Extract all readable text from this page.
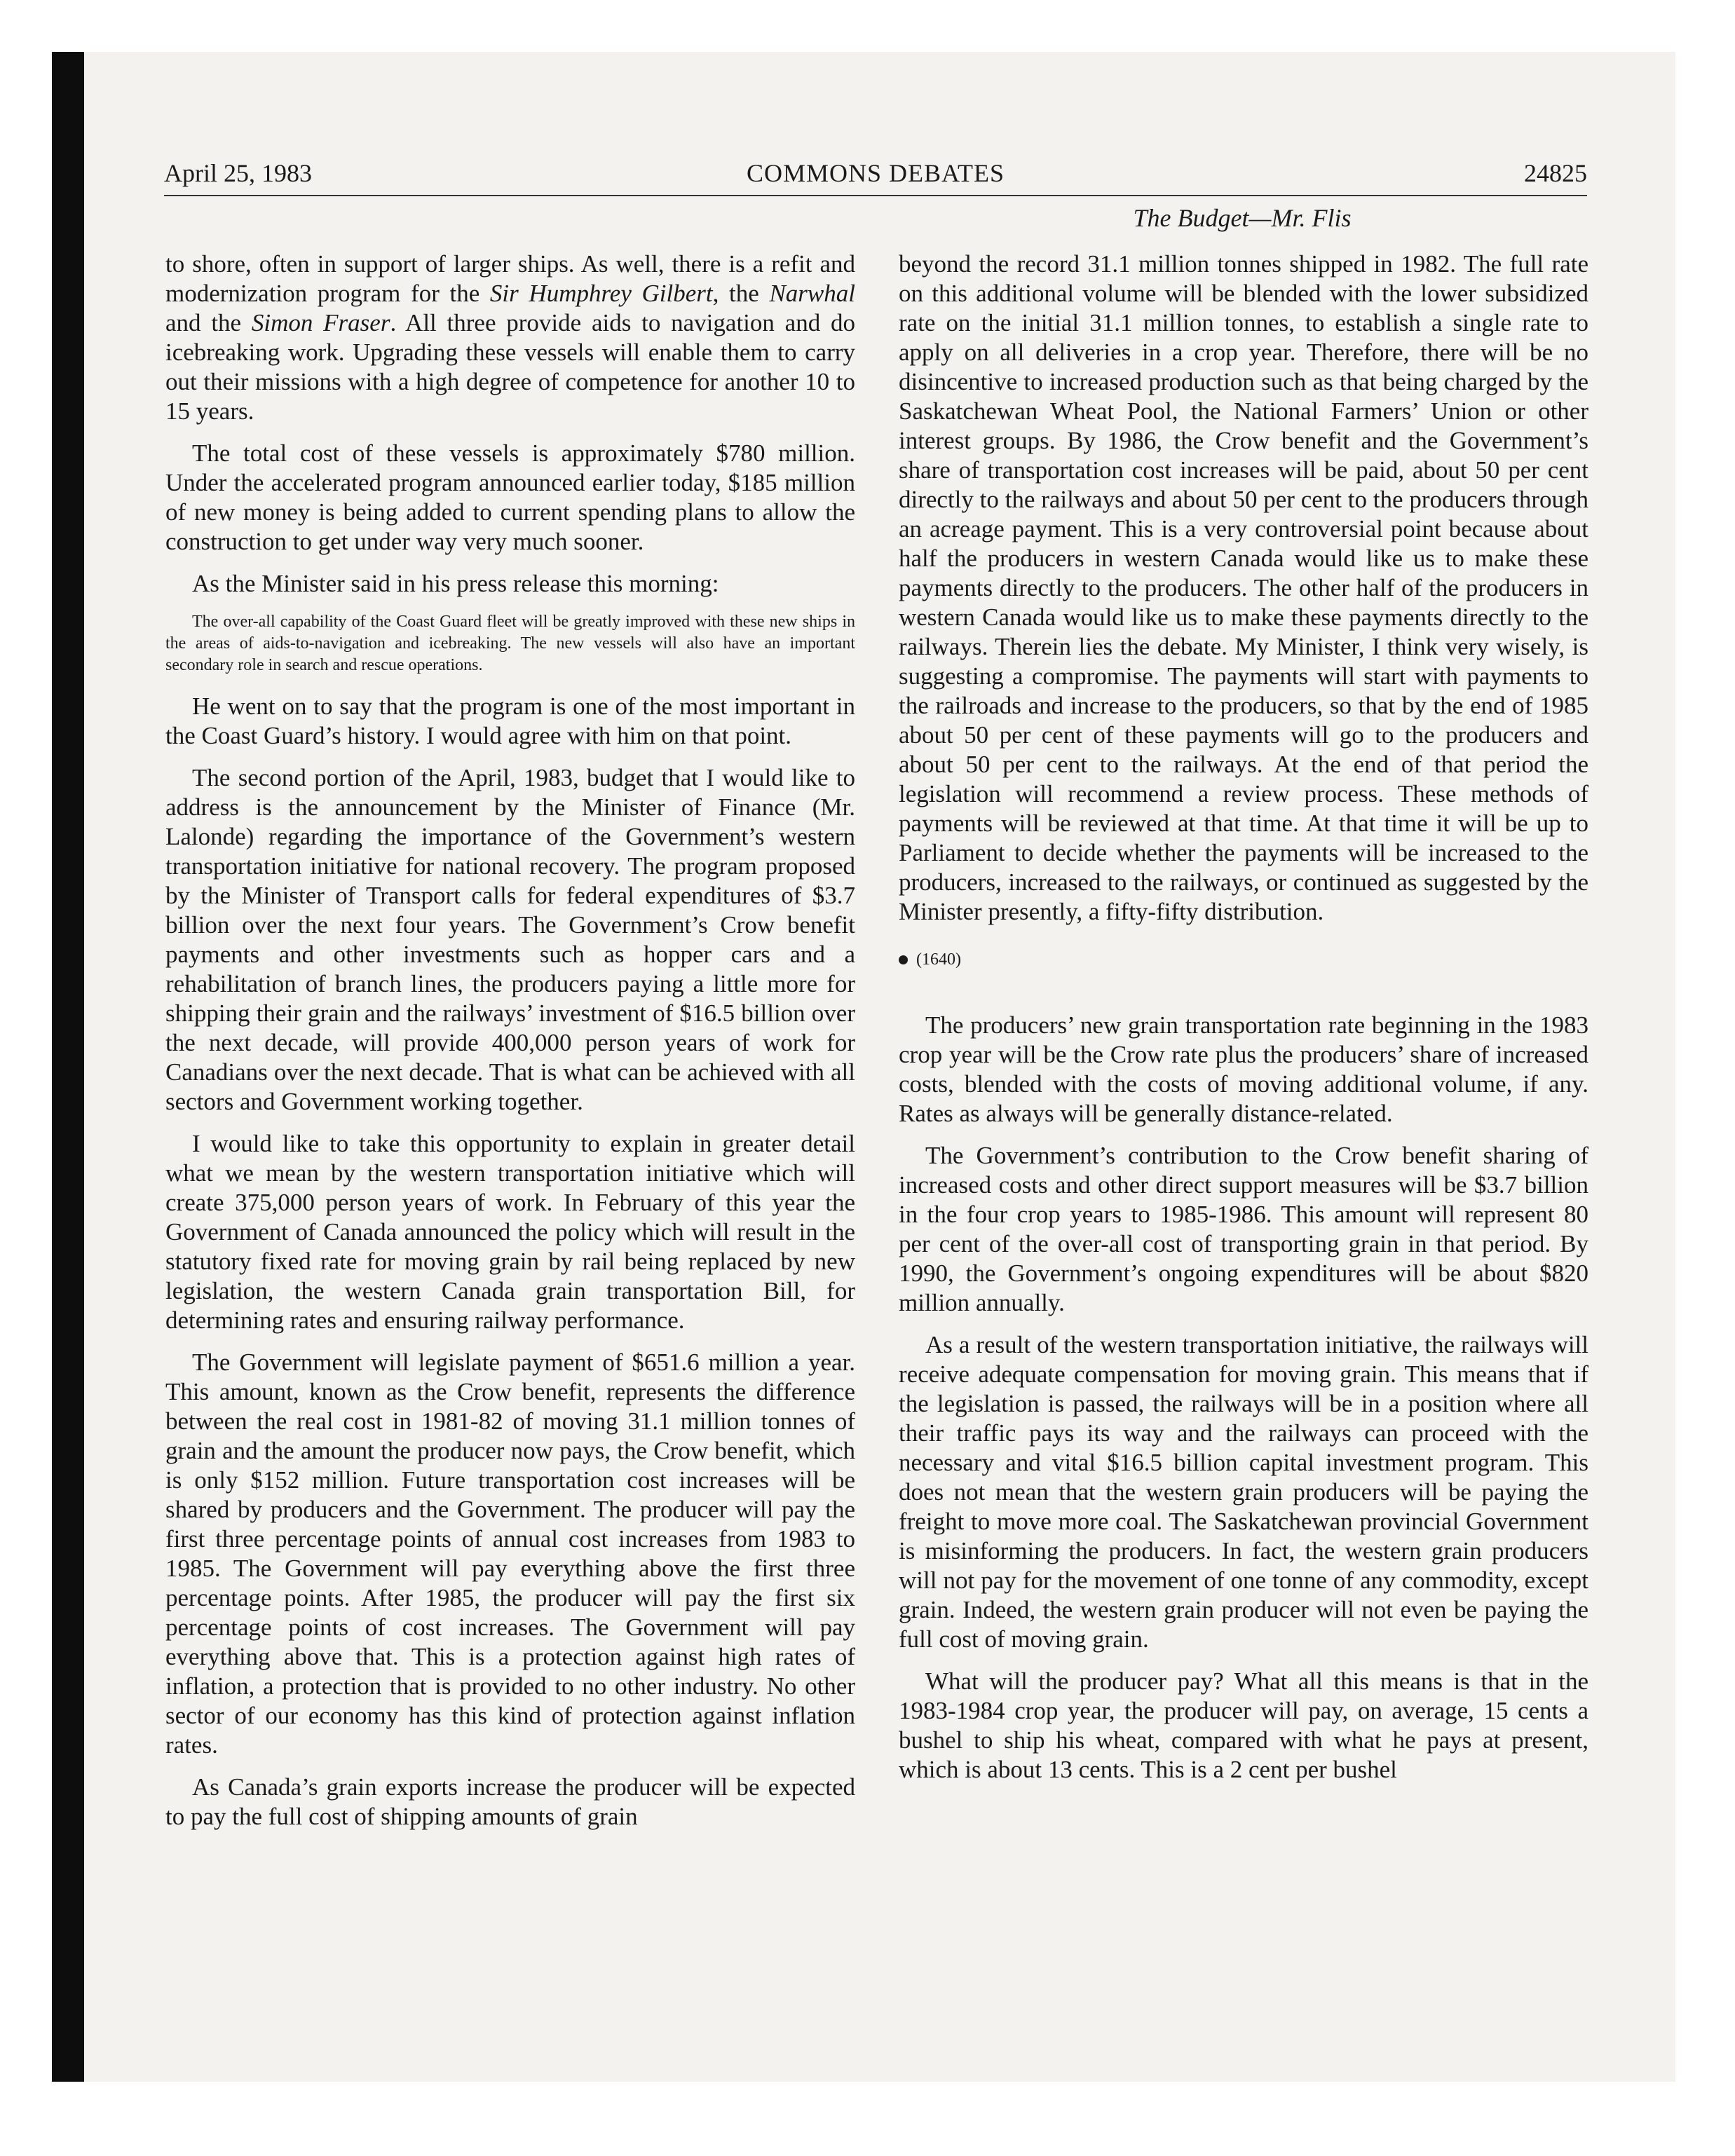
April 25, 1983	COMMONS DEBATES	24825
The Budget—Mr. Flis

to shore, often in support of larger ships. As well, there is a refit and modernization program for the Sir Humphrey Gilbert, the Narwhal and the Simon Fraser. All three provide aids to navigation and do icebreaking work. Upgrading these vessels will enable them to carry out their missions with a high degree of competence for another 10 to 15 years.

The total cost of these vessels is approximately $780 million. Under the accelerated program announced earlier today, $185 million of new money is being added to current spending plans to allow the construction to get under way very much sooner.

As the Minister said in his press release this morning:

The over-all capability of the Coast Guard fleet will be greatly improved with these new ships in the areas of aids-to-navigation and icebreaking. The new vessels will also have an important secondary role in search and rescue operations.

He went on to say that the program is one of the most important in the Coast Guard’s history. I would agree with him on that point.

The second portion of the April, 1983, budget that I would like to address is the announcement by the Minister of Finance (Mr. Lalonde) regarding the importance of the Government’s western transportation initiative for national recovery. The program proposed by the Minister of Transport calls for federal expenditures of $3.7 billion over the next four years. The Government’s Crow benefit payments and other investments such as hopper cars and a rehabilitation of branch lines, the producers paying a little more for shipping their grain and the railways’ investment of $16.5 billion over the next decade, will provide 400,000 person years of work for Canadians over the next decade. That is what can be achieved with all sectors and Government working together.

I would like to take this opportunity to explain in greater detail what we mean by the western transportation initiative which will create 375,000 person years of work. In February of this year the Government of Canada announced the policy which will result in the statutory fixed rate for moving grain by rail being replaced by new legislation, the western Canada grain transportation Bill, for determining rates and ensuring railway performance.

The Government will legislate payment of $651.6 million a year. This amount, known as the Crow benefit, represents the difference between the real cost in 1981-82 of moving 31.1 million tonnes of grain and the amount the producer now pays, the Crow benefit, which is only $152 million. Future transportation cost increases will be shared by producers and the Government. The producer will pay the first three percentage points of annual cost increases from 1983 to 1985. The Government will pay everything above the first three percentage points. After 1985, the producer will pay the first six percentage points of cost increases. The Government will pay everything above that. This is a protection against high rates of inflation, a protection that is provided to no other industry. No other sector of our economy has this kind of protection against inflation rates.

As Canada’s grain exports increase the producer will be expected to pay the full cost of shipping amounts of grain

beyond the record 31.1 million tonnes shipped in 1982. The full rate on this additional volume will be blended with the lower subsidized rate on the initial 31.1 million tonnes, to establish a single rate to apply on all deliveries in a crop year. Therefore, there will be no disincentive to increased production such as that being charged by the Saskatchewan Wheat Pool, the National Farmers’ Union or other interest groups. By 1986, the Crow benefit and the Government’s share of transportation cost increases will be paid, about 50 per cent directly to the railways and about 50 per cent to the producers through an acreage payment. This is a very controversial point because about half the producers in western Canada would like us to make these payments directly to the producers. The other half of the producers in western Canada would like us to make these payments directly to the railways. Therein lies the debate. My Minister, I think very wisely, is suggesting a compromise. The payments will start with payments to the railroads and increase to the producers, so that by the end of 1985 about 50 per cent of these payments will go to the producers and about 50 per cent to the railways. At the end of that period the legislation will recommend a review process. These methods of payments will be reviewed at that time. At that time it will be up to Parliament to decide whether the payments will be increased to the producers, increased to the railways, or continued as suggested by the Minister presently, a fifty-fifty distribution.

(1640)

The producers’ new grain transportation rate beginning in the 1983 crop year will be the Crow rate plus the producers’ share of increased costs, blended with the costs of moving additional volume, if any. Rates as always will be generally distance-related.

The Government’s contribution to the Crow benefit sharing of increased costs and other direct support measures will be $3.7 billion in the four crop years to 1985-1986. This amount will represent 80 per cent of the over-all cost of transporting grain in that period. By 1990, the Government’s ongoing expenditures will be about $820 million annually.

As a result of the western transportation initiative, the railways will receive adequate compensation for moving grain. This means that if the legislation is passed, the railways will be in a position where all their traffic pays its way and the railways can proceed with the necessary and vital $16.5 billion capital investment program. This does not mean that the western grain producers will be paying the freight to move more coal. The Saskatchewan provincial Government is misinforming the producers. In fact, the western grain producers will not pay for the movement of one tonne of any commodity, except grain. Indeed, the western grain producer will not even be paying the full cost of moving grain.

What will the producer pay? What all this means is that in the 1983-1984 crop year, the producer will pay, on average, 15 cents a bushel to ship his wheat, compared with what he pays at present, which is about 13 cents. This is a 2 cent per bushel
